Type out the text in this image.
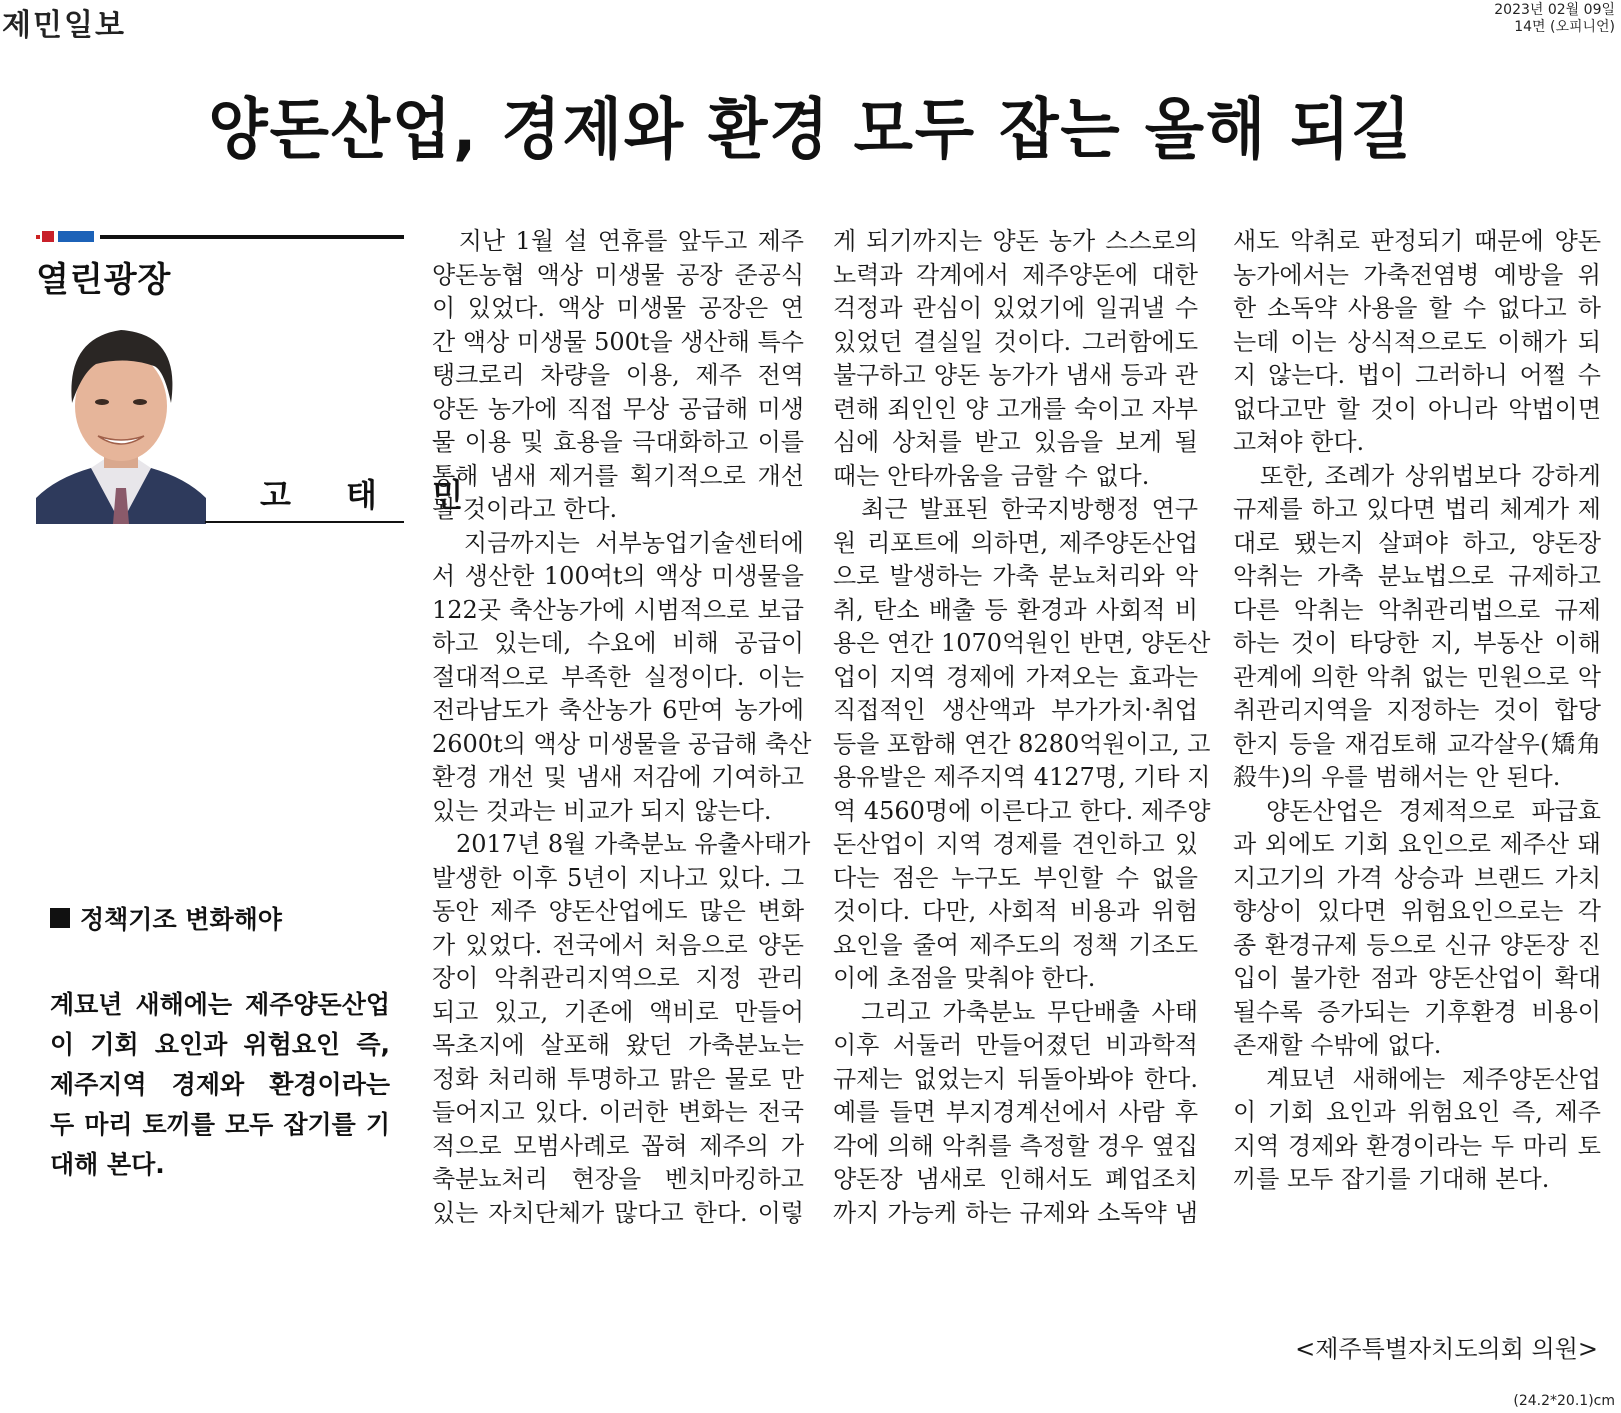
제민일보	2023년 02월 09일
14면 (오피니언)
양돈산업, 경제와 환경 모두 잡는 올해 되길
열린광장
고 태 민
정책기조 변화해야
계묘년 새해에는 제주양돈산업이 기회 요인과 위험요인 즉, 제주지역 경제와 환경이라는 두 마리 토끼를 모두 잡기를 기대해 본다.
　지난 1월 설 연휴를 앞두고 제주
양돈농협 액상 미생물 공장 준공식
이 있었다. 액상 미생물 공장은 연
간 액상 미생물 500t을 생산해 특수
탱크로리 차량을 이용, 제주 전역
양돈 농가에 직접 무상 공급해 미생
물 이용 및 효용을 극대화하고 이를
통해 냄새 제거를 획기적으로 개선
될 것이라고 한다.
　지금까지는 서부농업기술센터에
서 생산한 100여t의 액상 미생물을
122곳 축산농가에 시범적으로 보급
하고 있는데, 수요에 비해 공급이
절대적으로 부족한 실정이다. 이는
전라남도가 축산농가 6만여 농가에
2600t의 액상 미생물을 공급해 축산
환경 개선 및 냄새 저감에 기여하고
있는 것과는 비교가 되지 않는다.
　2017년 8월 가축분뇨 유출사태가
발생한 이후 5년이 지나고 있다. 그
동안 제주 양돈산업에도 많은 변화
가 있었다. 전국에서 처음으로 양돈
장이 악취관리지역으로 지정 관리
되고 있고, 기존에 액비로 만들어
목초지에 살포해 왔던 가축분뇨는
정화 처리해 투명하고 맑은 물로 만
들어지고 있다. 이러한 변화는 전국
적으로 모범사례로 꼽혀 제주의 가
축분뇨처리 현장을 벤치마킹하고
있는 자치단체가 많다고 한다. 이렇
게 되기까지는 양돈 농가 스스로의
노력과 각계에서 제주양돈에 대한
걱정과 관심이 있었기에 일궈낼 수
있었던 결실일 것이다. 그러함에도
불구하고 양돈 농가가 냄새 등과 관
련해 죄인인 양 고개를 숙이고 자부
심에 상처를 받고 있음을 보게 될
때는 안타까움을 금할 수 없다.
　최근 발표된 한국지방행정 연구
원 리포트에 의하면, 제주양돈산업
으로 발생하는 가축 분뇨처리와 악
취, 탄소 배출 등 환경과 사회적 비
용은 연간 1070억원인 반면, 양돈산
업이 지역 경제에 가져오는 효과는
직접적인 생산액과 부가가치·취업
등을 포함해 연간 8280억원이고, 고
용유발은 제주지역 4127명, 기타 지
역 4560명에 이른다고 한다. 제주양
돈산업이 지역 경제를 견인하고 있
다는 점은 누구도 부인할 수 없을
것이다. 다만, 사회적 비용과 위험
요인을 줄여 제주도의 정책 기조도
이에 초점을 맞춰야 한다.
　그리고 가축분뇨 무단배출 사태
이후 서둘러 만들어졌던 비과학적
규제는 없었는지 뒤돌아봐야 한다.
예를 들면 부지경계선에서 사람 후
각에 의해 악취를 측정할 경우 옆집
양돈장 냄새로 인해서도 폐업조치
까지 가능케 하는 규제와 소독약 냄
새도 악취로 판정되기 때문에 양돈
농가에서는 가축전염병 예방을 위
한 소독약 사용을 할 수 없다고 하
는데 이는 상식적으로도 이해가 되
지 않는다. 법이 그러하니 어쩔 수
없다고만 할 것이 아니라 악법이면
고쳐야 한다.
　또한, 조례가 상위법보다 강하게
규제를 하고 있다면 법리 체계가 제
대로 됐는지 살펴야 하고, 양돈장
악취는 가축 분뇨법으로 규제하고
다른 악취는 악취관리법으로 규제
하는 것이 타당한 지, 부동산 이해
관계에 의한 악취 없는 민원으로 악
취관리지역을 지정하는 것이 합당
한지 등을 재검토해 교각살우(矯角
殺牛)의 우를 범해서는 안 된다.
　양돈산업은 경제적으로 파급효
과 외에도 기회 요인으로 제주산 돼
지고기의 가격 상승과 브랜드 가치
향상이 있다면 위험요인으로는 각
종 환경규제 등으로 신규 양돈장 진
입이 불가한 점과 양돈산업이 확대
될수록 증가되는 기후환경 비용이
존재할 수밖에 없다.
　계묘년 새해에는 제주양돈산업
이 기회 요인과 위험요인 즉, 제주
지역 경제와 환경이라는 두 마리 토
끼를 모두 잡기를 기대해 본다.
<제주특별자치도의회 의원>
(24.2*20.1)cm
